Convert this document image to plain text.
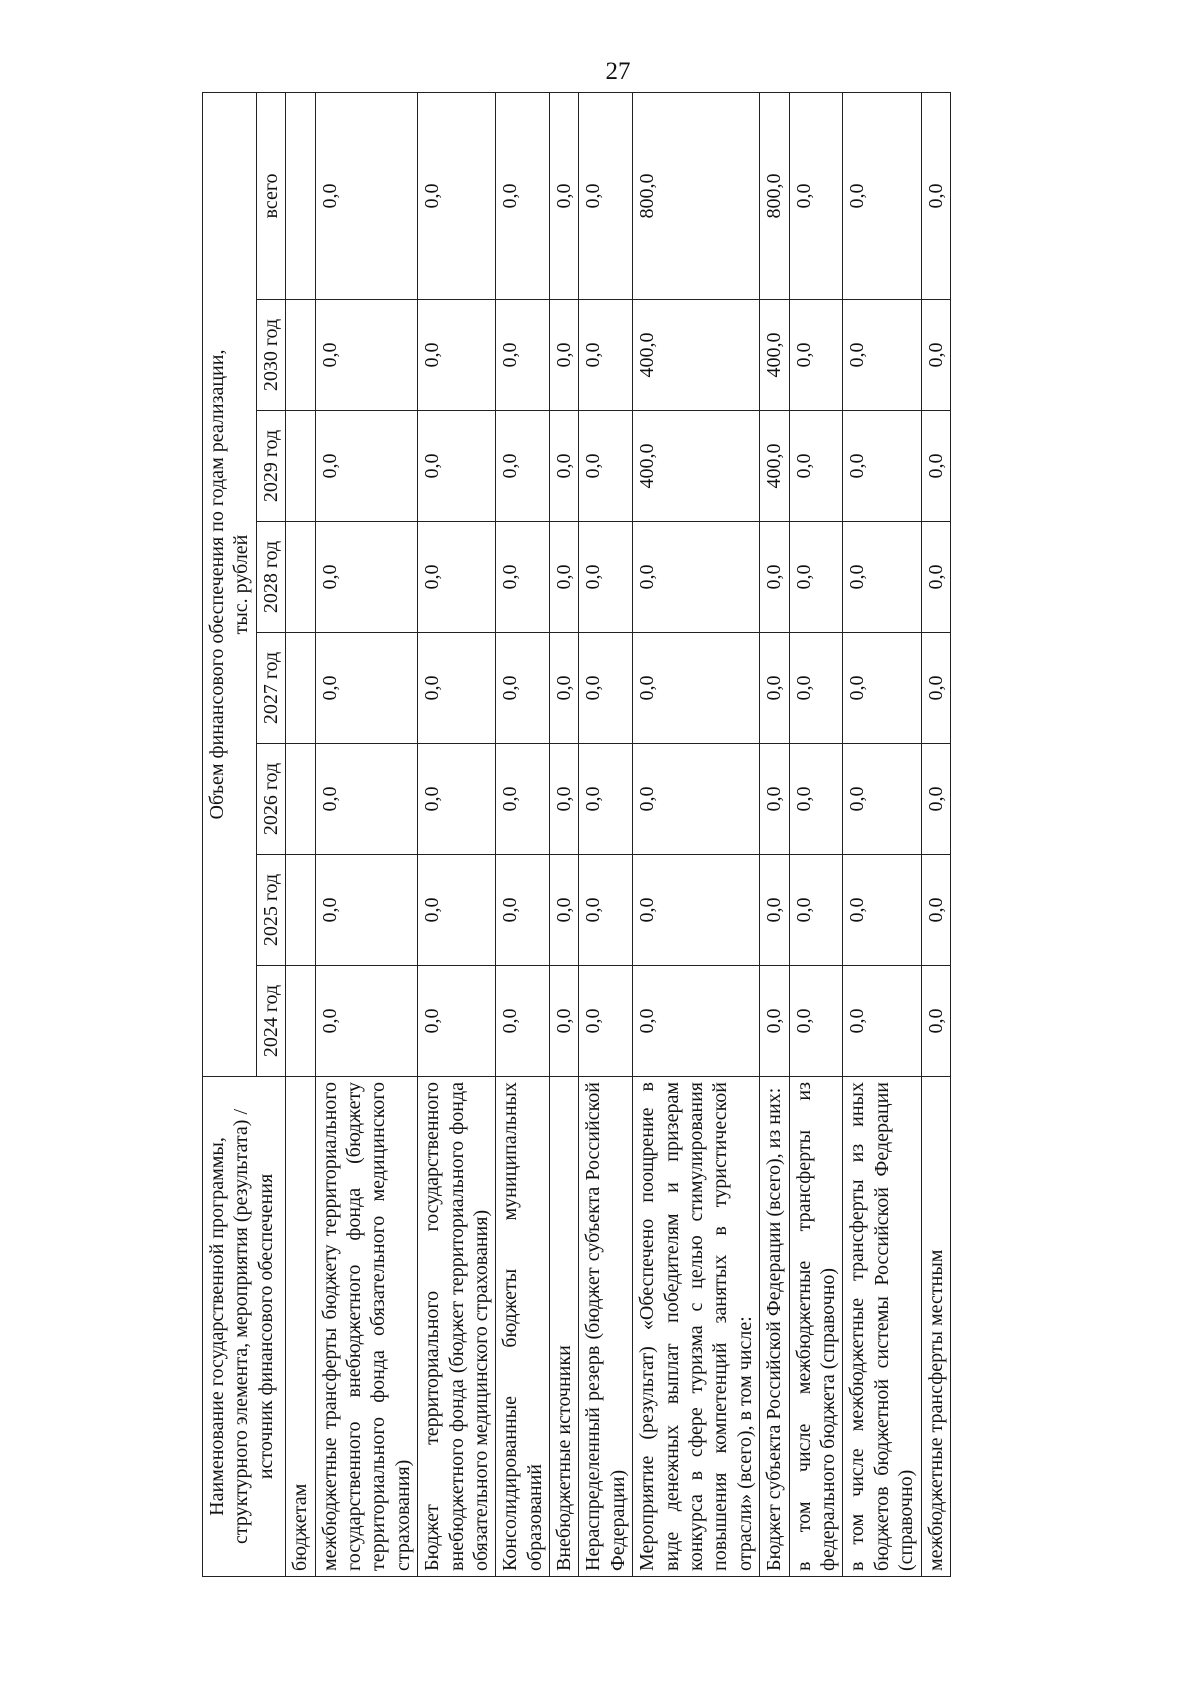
27
Наименование государственной программы, структурного элемента, мероприятия (результата) / источник финансового обеспечения	Объем финансового обеспечения по годам реализации, тыс. рублей							

	2024 год	2025 год	2026 год	2027 год	2028 год	2029 год	2030 год	всего
бюджетам								
межбюджетные трансферты бюджету территориального государственного внебюджетного фонда (бюджету территориального фонда обязательного медицинского страхования)	0,0	0,0	0,0	0,0	0,0	0,0	0,0	0,0
Бюджет территориального государственного внебюджетного фонда (бюджет территориального фонда обязательного медицинского страхования)	0,0	0,0	0,0	0,0	0,0	0,0	0,0	0,0
Консолидированные бюджеты муниципальных образований	0,0	0,0	0,0	0,0	0,0	0,0	0,0	0,0
Внебюджетные источники	0,0	0,0	0,0	0,0	0,0	0,0	0,0	0,0
Нераспределенный резерв (бюджет субъекта Российской Федерации)	0,0	0,0	0,0	0,0	0,0	0,0	0,0	0,0
Мероприятие (результат) «Обеспечено поощрение в виде денежных выплат победителям и призерам конкурса в сфере туризма с целью стимулирования повышения компетенций занятых в туристической отрасли» (всего), в том числе:	0,0	0,0	0,0	0,0	0,0	400,0	400,0	800,0
Бюджет субъекта Российской Федерации (всего), из них:	0,0	0,0	0,0	0,0	0,0	400,0	400,0	800,0
в том числе межбюджетные трансферты из федерального бюджета (справочно)	0,0	0,0	0,0	0,0	0,0	0,0	0,0	0,0
в том числе межбюджетные трансферты из иных бюджетов бюджетной системы Российской Федерации (справочно)	0,0	0,0	0,0	0,0	0,0	0,0	0,0	0,0
межбюджетные трансферты местным	0,0	0,0	0,0	0,0	0,0	0,0	0,0	0,0
